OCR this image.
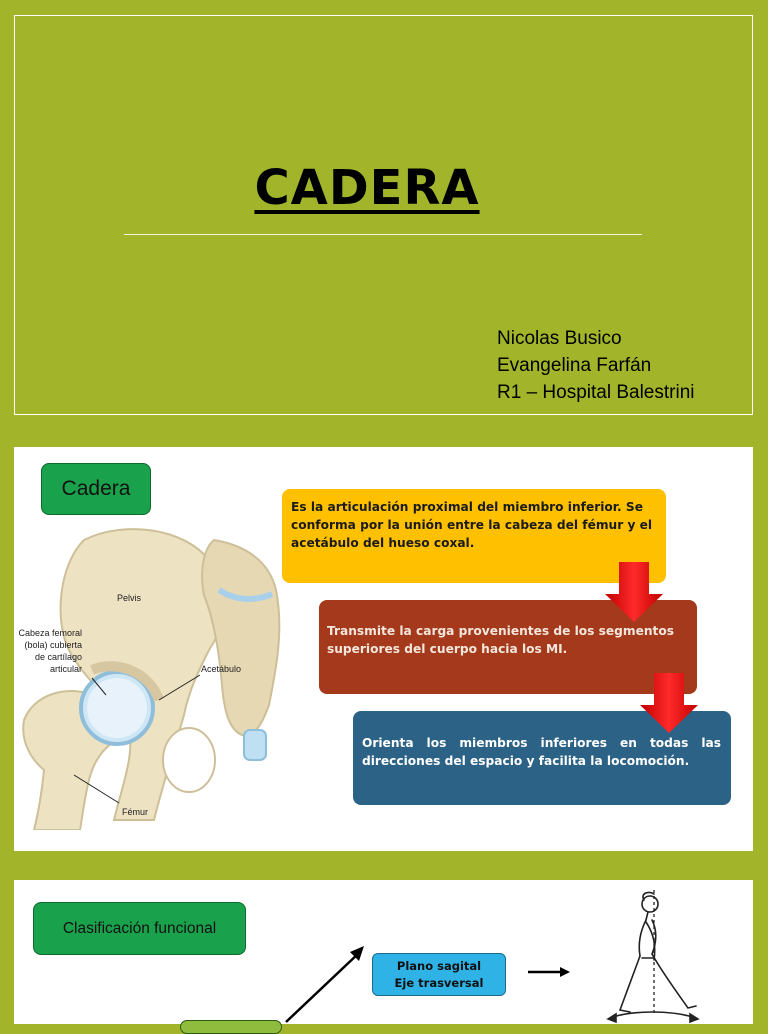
CADERA
Nicolas Busico
Evangelina Farfán
R1 – Hospital Balestrini
Pelvis
Cabeza femoral
(bola) cubierta
de cartílago
articular	Acetábulo
Fémur
Cadera
Es la articulación proximal del miembro inferior. Se conforma por la unión entre la cabeza del fémur y el acetábulo del hueso coxal.
Transmite la carga provenientes de los segmentos superiores del cuerpo hacia los MI.
Orienta los miembros inferiores en todas las direcciones del espacio y facilita la locomoción.
Clasificación funcional
Plano sagital
Eje trasversal
